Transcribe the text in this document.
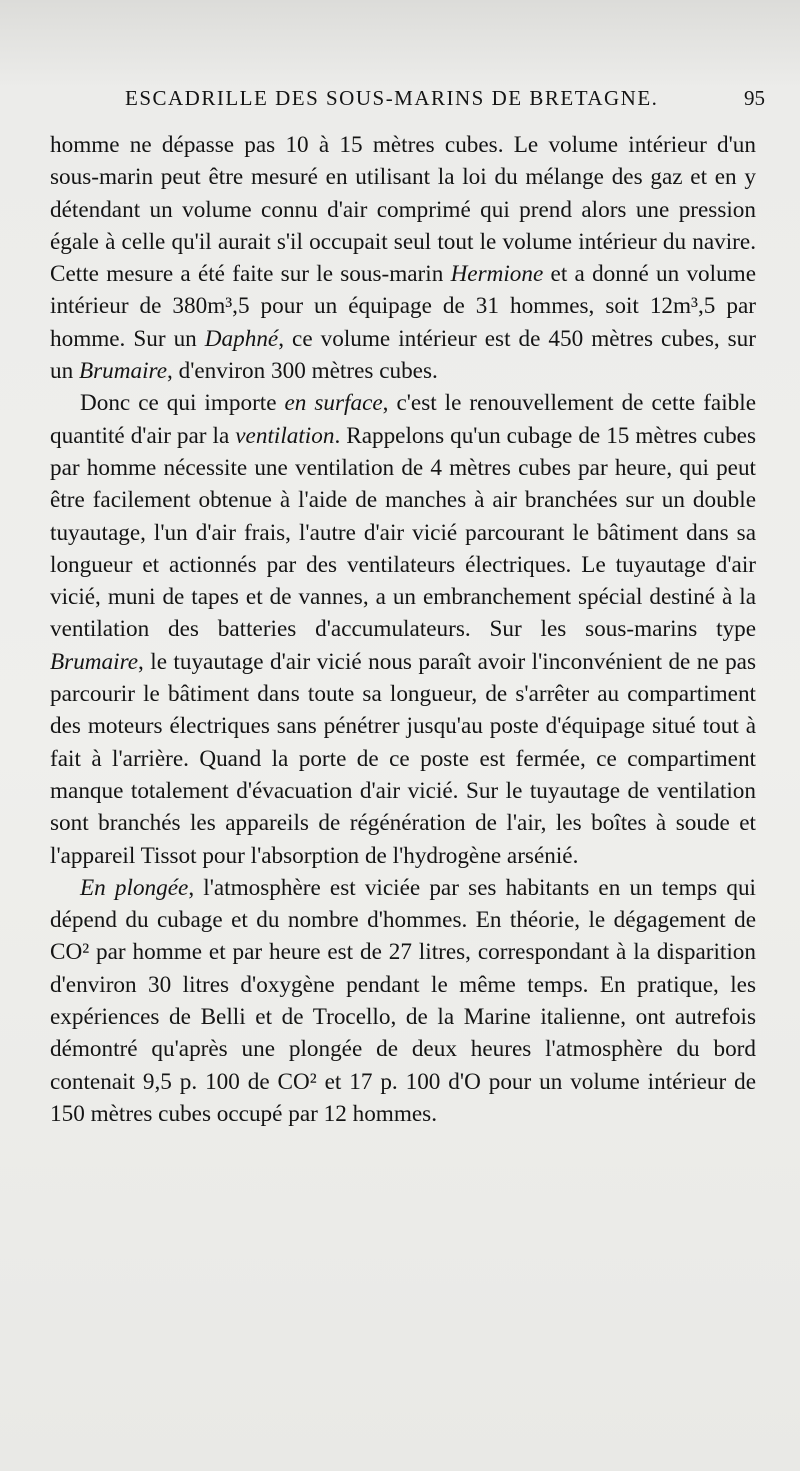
ESCADRILLE DES SOUS-MARINS DE BRETAGNE.	95

homme ne dépasse pas 10 à 15 mètres cubes. Le volume intérieur d'un sous-marin peut être mesuré en utilisant la loi du mélange des gaz et en y détendant un volume connu d'air comprimé qui prend alors une pression égale à celle qu'il aurait s'il occupait seul tout le volume intérieur du navire. Cette mesure a été faite sur le sous-marin Hermione et a donné un volume intérieur de 380m³,5 pour un équipage de 31 hommes, soit 12m³,5 par homme. Sur un Daphné, ce volume intérieur est de 450 mètres cubes, sur un Brumaire, d'environ 300 mètres cubes.

Donc ce qui importe en surface, c'est le renouvellement de cette faible quantité d'air par la ventilation. Rappelons qu'un cubage de 15 mètres cubes par homme nécessite une ventilation de 4 mètres cubes par heure, qui peut être facilement obtenue à l'aide de manches à air branchées sur un double tuyautage, l'un d'air frais, l'autre d'air vicié parcourant le bâtiment dans sa longueur et actionnés par des ventilateurs électriques. Le tuyautage d'air vicié, muni de tapes et de vannes, a un embranchement spécial destiné à la ventilation des batteries d'accumulateurs. Sur les sous-marins type Brumaire, le tuyautage d'air vicié nous paraît avoir l'inconvénient de ne pas parcourir le bâtiment dans toute sa longueur, de s'arrêter au compartiment des moteurs électriques sans pénétrer jusqu'au poste d'équipage situé tout à fait à l'arrière. Quand la porte de ce poste est fermée, ce compartiment manque totalement d'évacuation d'air vicié. Sur le tuyautage de ventilation sont branchés les appareils de régénération de l'air, les boîtes à soude et l'appareil Tissot pour l'absorption de l'hydrogène arsénié.

En plongée, l'atmosphère est viciée par ses habitants en un temps qui dépend du cubage et du nombre d'hommes. En théorie, le dégagement de CO² par homme et par heure est de 27 litres, correspondant à la disparition d'environ 30 litres d'oxygène pendant le même temps. En pratique, les expériences de Belli et de Trocello, de la Marine italienne, ont autrefois démontré qu'après une plongée de deux heures l'atmosphère du bord contenait 9,5 p. 100 de CO² et 17 p. 100 d'O pour un volume intérieur de 150 mètres cubes occupé par 12 hommes.
